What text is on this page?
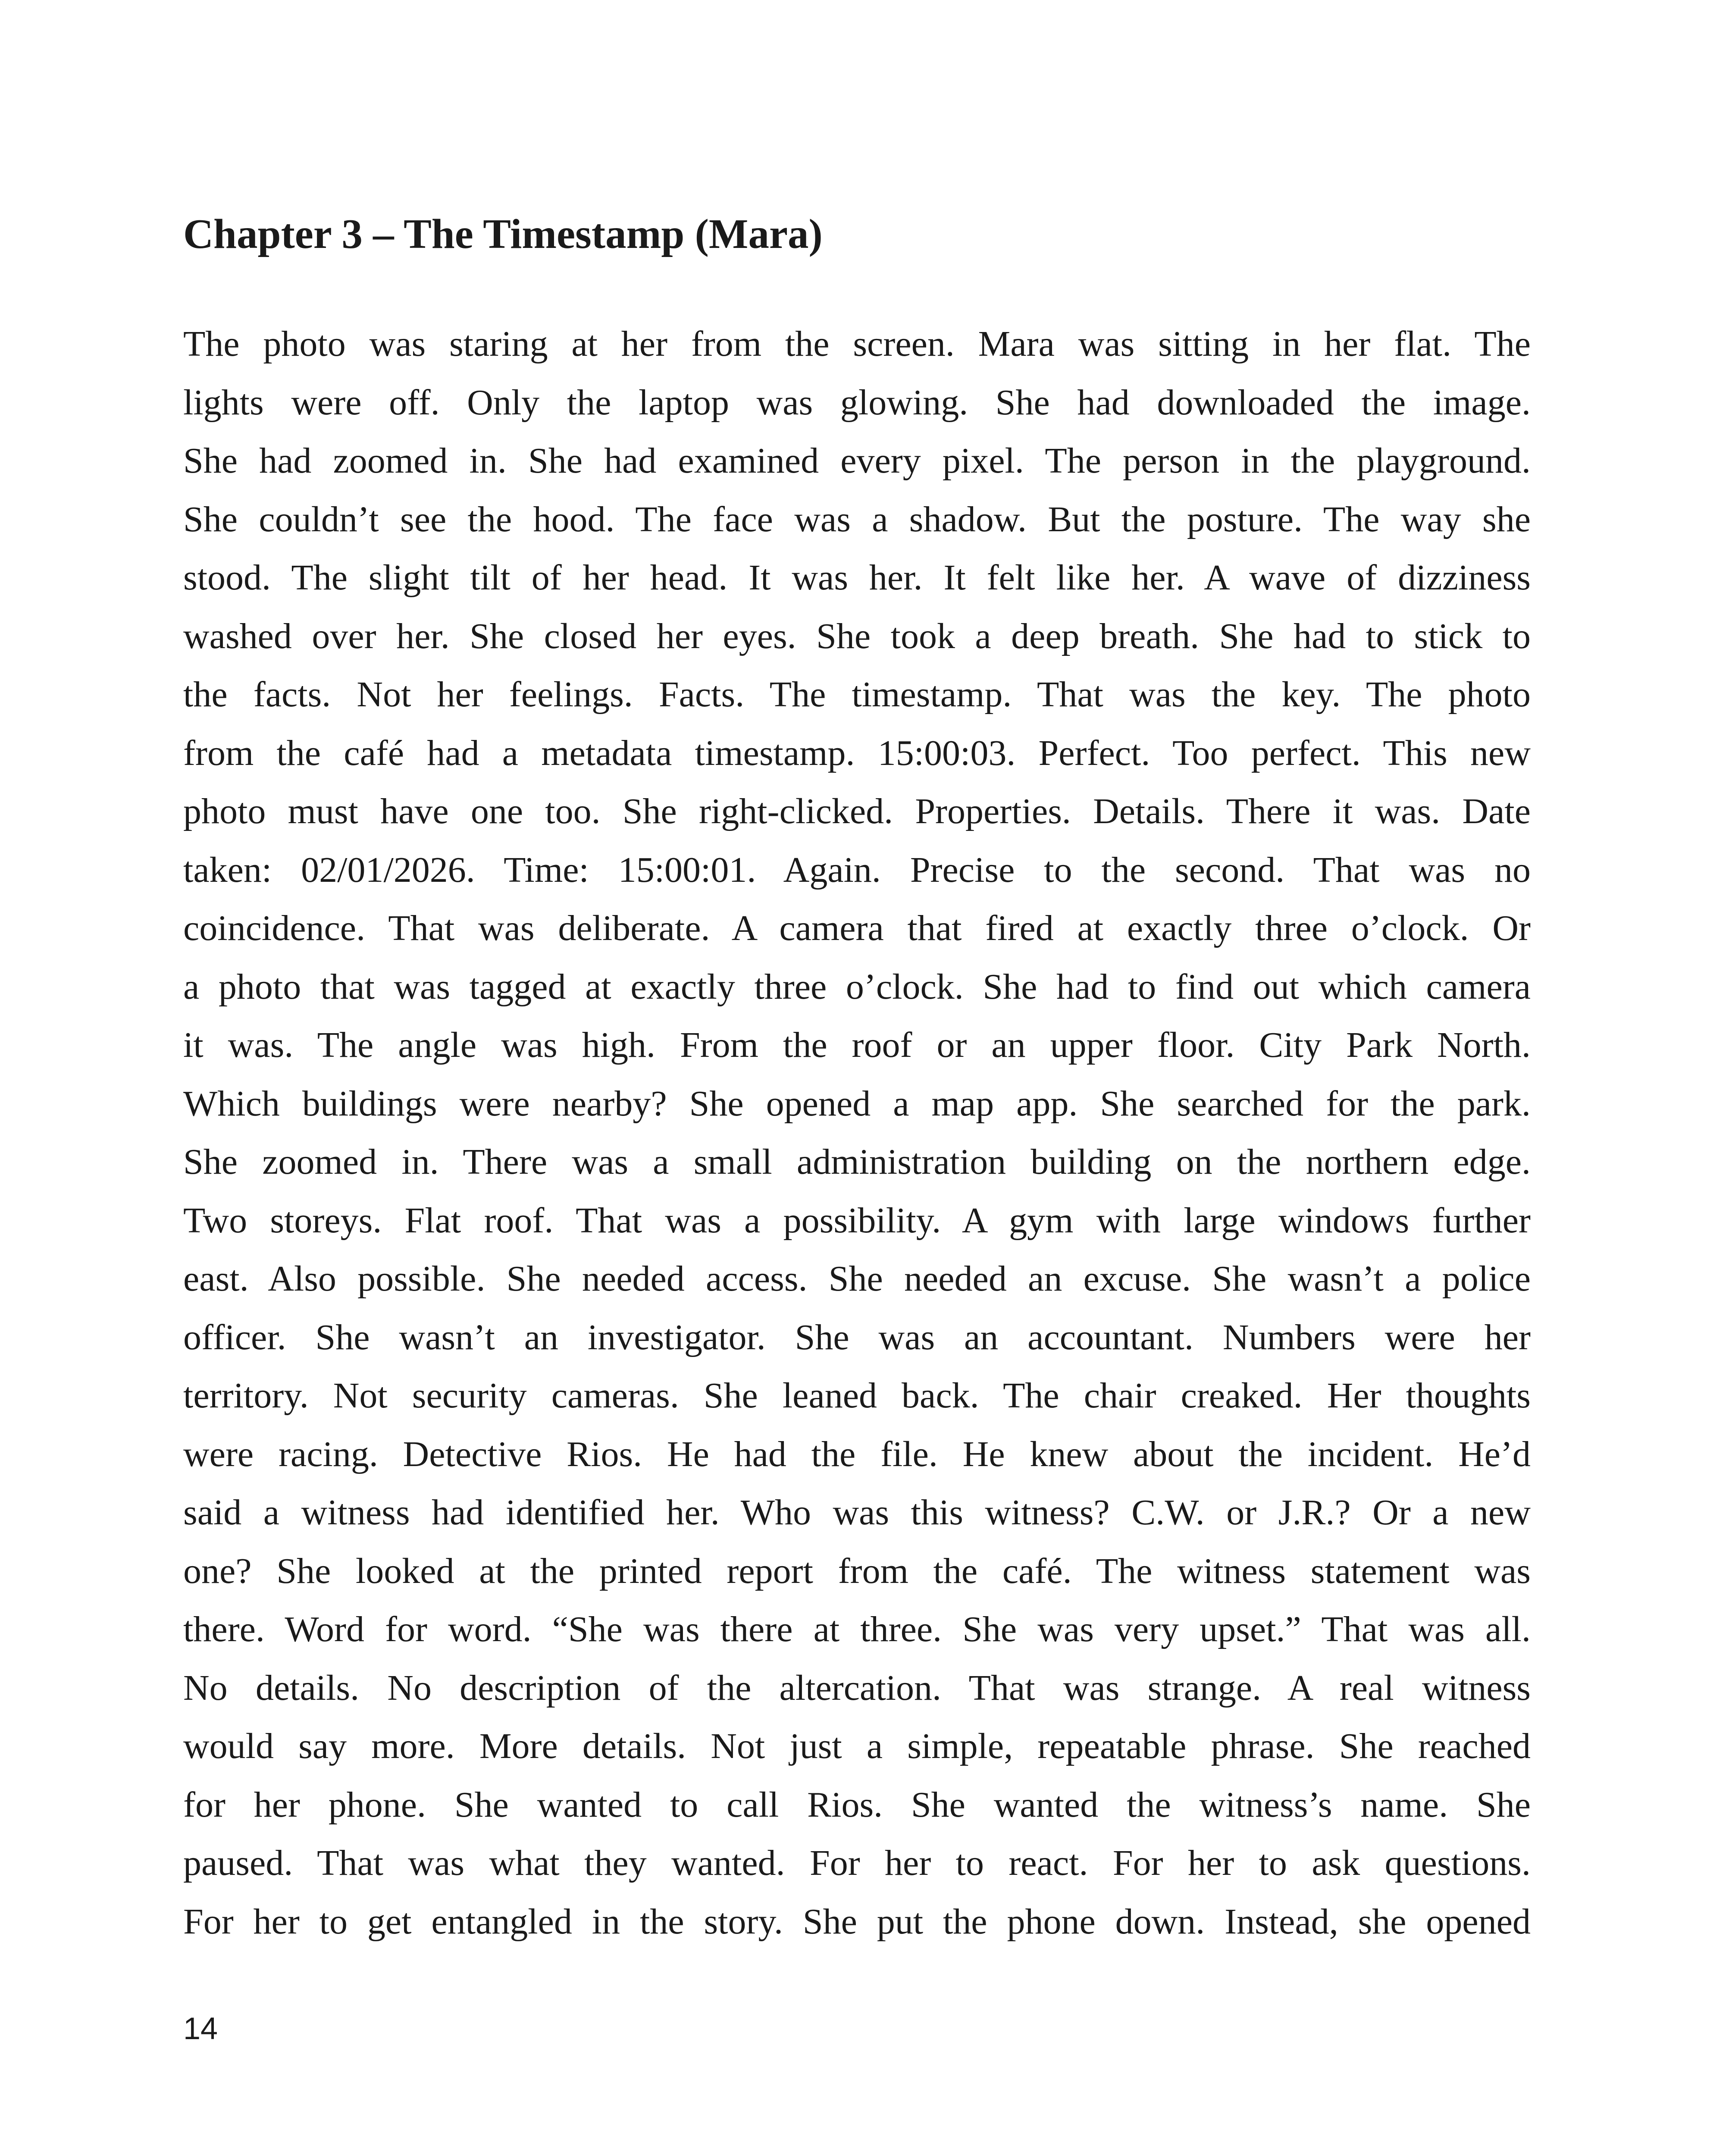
Chapter 3 – The Timestamp (Mara)
The photo was staring at her from the screen. Mara was sitting in her flat. The
lights were off. Only the laptop was glowing. She had downloaded the image.
She had zoomed in. She had examined every pixel. The person in the playground.
She couldn’t see the hood. The face was a shadow. But the posture. The way she
stood. The slight tilt of her head. It was her. It felt like her. A wave of dizziness
washed over her. She closed her eyes. She took a deep breath. She had to stick to
the facts. Not her feelings. Facts. The timestamp. That was the key. The photo
from the café had a metadata timestamp. 15:00:03. Perfect. Too perfect. This new
photo must have one too. She right-clicked. Properties. Details. There it was. Date
taken: 02/01/2026. Time: 15:00:01. Again. Precise to the second. That was no
coincidence. That was deliberate. A camera that fired at exactly three o’clock. Or
a photo that was tagged at exactly three o’clock. She had to find out which camera
it was. The angle was high. From the roof or an upper floor. City Park North.
Which buildings were nearby? She opened a map app. She searched for the park.
She zoomed in. There was a small administration building on the northern edge.
Two storeys. Flat roof. That was a possibility. A gym with large windows further
east. Also possible. She needed access. She needed an excuse. She wasn’t a police
officer. She wasn’t an investigator. She was an accountant. Numbers were her
territory. Not security cameras. She leaned back. The chair creaked. Her thoughts
were racing. Detective Rios. He had the file. He knew about the incident. He’d
said a witness had identified her. Who was this witness? C.W. or J.R.? Or a new
one? She looked at the printed report from the café. The witness statement was
there. Word for word. “She was there at three. She was very upset.” That was all.
No details. No description of the altercation. That was strange. A real witness
would say more. More details. Not just a simple, repeatable phrase. She reached
for her phone. She wanted to call Rios. She wanted the witness’s name. She
paused. That was what they wanted. For her to react. For her to ask questions.
For her to get entangled in the story. She put the phone down. Instead, she opened
14
